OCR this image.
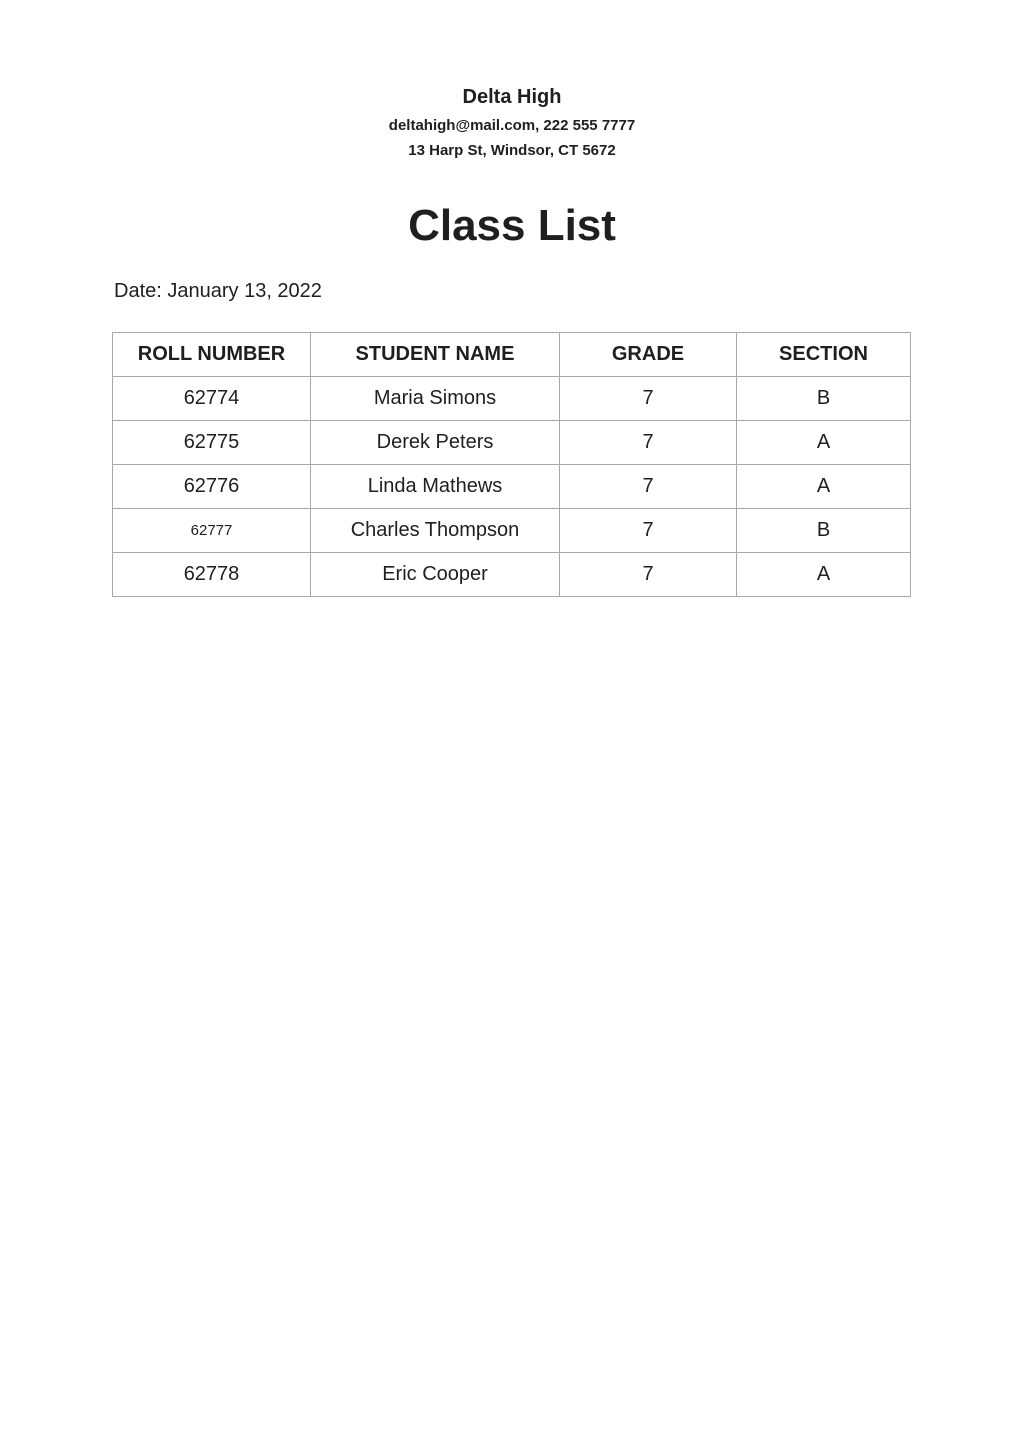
Delta High

deltahigh@mail.com, 222 555 7777

13 Harp St, Windsor, CT 5672

Class List
Date: January 13, 2022
ROLL NUMBER	STUDENT NAME	GRADE	SECTION
62774	Maria Simons	7	B
62775	Derek Peters	7	A
62776	Linda Mathews	7	A
62777	Charles Thompson	7	B
62778	Eric Cooper	7	A
